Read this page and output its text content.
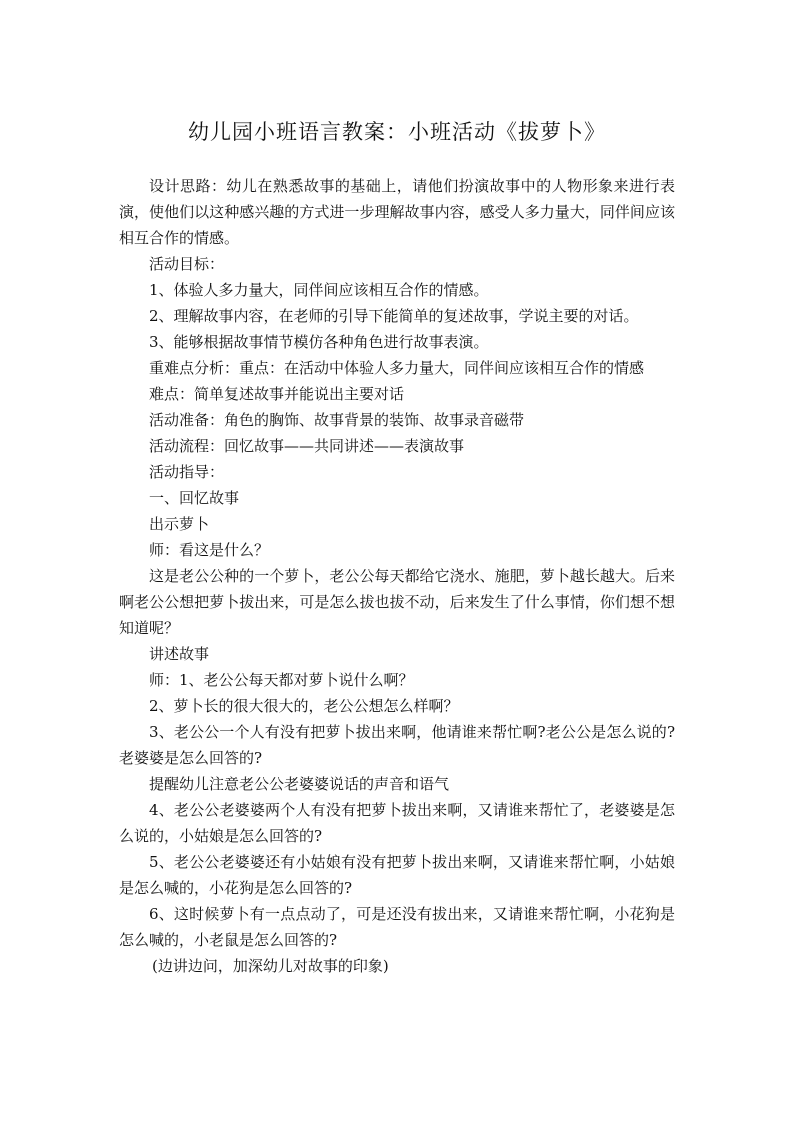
幼儿园小班语言教案：小班活动《拔萝卜》

设计思路：幼儿在熟悉故事的基础上，请他们扮演故事中的人物形象来进行表演，使他们以这种感兴趣的方式进一步理解故事内容，感受人多力量大，同伴间应该相互合作的情感。

活动目标：

1、体验人多力量大，同伴间应该相互合作的情感。

2、理解故事内容，在老师的引导下能简单的复述故事，学说主要的对话。

3、能够根据故事情节模仿各种角色进行故事表演。

重难点分析：重点：在活动中体验人多力量大，同伴间应该相互合作的情感

难点：简单复述故事并能说出主要对话

活动准备：角色的胸饰、故事背景的装饰、故事录音磁带

活动流程：回忆故事——共同讲述——表演故事

活动指导：

一、回忆故事

出示萝卜

师：看这是什么？

这是老公公种的一个萝卜，老公公每天都给它浇水、施肥，萝卜越长越大。后来啊老公公想把萝卜拔出来，可是怎么拔也拔不动，后来发生了什么事情，你们想不想知道呢？

讲述故事

师：1、老公公每天都对萝卜说什么啊？

2、萝卜长的很大很大的，老公公想怎么样啊？

3、老公公一个人有没有把萝卜拔出来啊，他请谁来帮忙啊?老公公是怎么说的?老婆婆是怎么回答的?

提醒幼儿注意老公公老婆婆说话的声音和语气

4、老公公老婆婆两个人有没有把萝卜拔出来啊，又请谁来帮忙了，老婆婆是怎么说的，小姑娘是怎么回答的?

5、老公公老婆婆还有小姑娘有没有把萝卜拔出来啊，又请谁来帮忙啊，小姑娘是怎么喊的，小花狗是怎么回答的?

6、这时候萝卜有一点点动了，可是还没有拔出来，又请谁来帮忙啊，小花狗是怎么喊的，小老鼠是怎么回答的?

(边讲边问，加深幼儿对故事的印象)
